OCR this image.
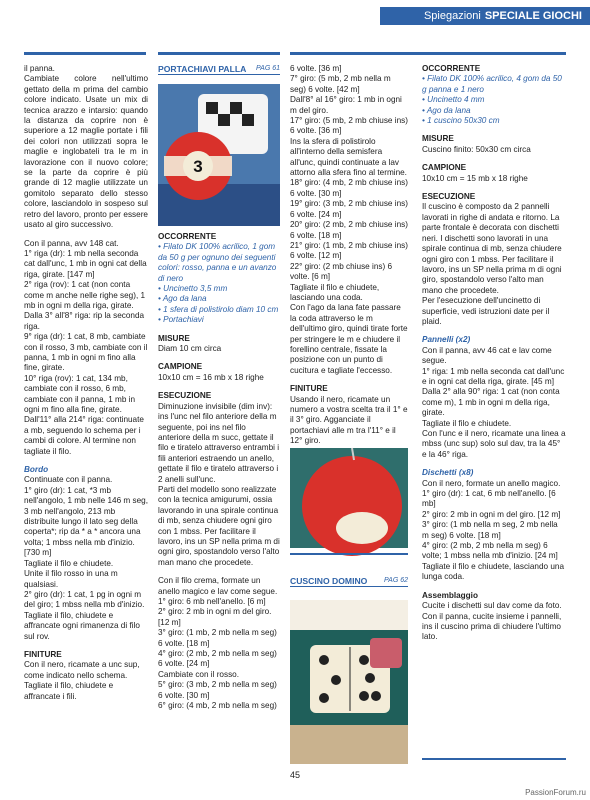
Spiegazioni SPECIALE GIOCHI

il panna.

Cambiate colore nell'ultimo gettato della m prima del cambio colore indicato. Usate un mix di tecnica arazzo e intarsio: quando la distanza da coprire non è superiore a 12 maglie portate i fili dei colori non utilizzati sopra le maglie e inglobateli tra le m in lavorazione con il nuovo colore; se la parte da coprire è più grande di 12 maglie utilizzate un gomitolo separato dello stesso colore, lasciandolo in sospeso sul retro del lavoro, pronto per essere usato al giro successivo.

Con il panna, avv 148 cat.

1° riga (dr): 1 mb nella seconda cat dall'unc, 1 mb in ogni cat della riga, girate. [147 m]

2° riga (rov): 1 cat (non conta come m anche nelle righe seg), 1 mb in ogni m della riga, girate.

Dalla 3° all'8° riga: rip la seconda riga.

9° riga (dr): 1 cat, 8 mb, cambiate con il rosso, 3 mb, cambiate con il panna, 1 mb in ogni m fino alla fine, girate.

10° riga (rov): 1 cat, 134 mb, cambiate con il rosso, 6 mb, cambiate con il panna, 1 mb in ogni m fino alla fine, girate.

Dall'11° alla 214° riga: continuate a mb, seguendo lo schema per i cambi di colore. Al termine non tagliate il filo.

Bordo

Continuate con il panna.

1° giro (dr): 1 cat, *3 mb nell'angolo, 1 mb nelle 146 m seg, 3 mb nell'angolo, 213 mb distribuite lungo il lato seg della coperta*; rip da * a * ancora una volta; 1 mbss nella mb d'inizio. [730 m]

Tagliate il filo e chiudete.

Unite il filo rosso in una m qualsiasi.

2° giro (dr): 1 cat, 1 pg in ogni m del giro; 1 mbss nella mb d'inizio. Tagliate il filo, chiudete e affrancate ogni rimanenza di filo sul rov.

FINITURE

Con il nero, ricamate a unc sup, come indicato nello schema. Tagliate il filo, chiudete e affrancate i fili.

PORTACHIAVI PALLA PAG 61
3

OCCORRENTE

• Filato DK 100% acrilico, 1 gom da 50 g per ognuno dei seguenti colori: rosso, panna e un avanzo di nero

• Uncinetto 3,5 mm

• Ago da lana

• 1 sfera di polistirolo diam 10 cm

• Portachiavi

MISURE

Diam 10 cm circa

CAMPIONE

10x10 cm = 16 mb x 18 righe

ESECUZIONE

Diminuzione invisibile (dim inv): ins l'unc nel filo anteriore della m seguente, poi ins nel filo anteriore della m succ, gettate il filo e tiratelo attraverso entrambi i fili anteriori estraendo un anello, gettate il filo e tiratelo attraverso i 2 anelli sull'unc.

Parti del modello sono realizzate con la tecnica amigurumi, ossia lavorando in una spirale continua di mb, senza chiudere ogni giro con 1 mbss. Per facilitare il lavoro, ins un SP nella prima m di ogni giro, spostandolo verso l'alto man mano che procedete.

Con il filo crema, formate un anello magico e lav come segue.

1° giro: 6 mb nell'anello. [6 m]

2° giro: 2 mb in ogni m del giro. [12 m]

3° giro: (1 mb, 2 mb nella m seg) 6 volte. [18 m]

4° giro: (2 mb, 2 mb nella m seg) 6 volte. [24 m]

Cambiate con il rosso.

5° giro: (3 mb, 2 mb nella m seg) 6 volte. [30 m]

6° giro: (4 mb, 2 mb nella m seg)

6 volte. [36 m]

7° giro: (5 mb, 2 mb nella m seg) 6 volte. [42 m]

Dall'8° al 16° giro: 1 mb in ogni m del giro.

17° giro: (5 mb, 2 mb chiuse ins) 6 volte. [36 m]

Ins la sfera di polistirolo all'interno della semisfera all'unc, quindi continuate a lav attorno alla sfera fino al termine.

18° giro: (4 mb, 2 mb chiuse ins) 6 volte. [30 m]

19° giro: (3 mb, 2 mb chiuse ins) 6 volte. [24 m]

20° giro: (2 mb, 2 mb chiuse ins) 6 volte. [18 m]

21° giro: (1 mb, 2 mb chiuse ins) 6 volte. [12 m]

22° giro: (2 mb chiuse ins) 6 volte. [6 m]

Tagliate il filo e chiudete, lasciando una coda.

Con l'ago da lana fate passare la coda attraverso le m dell'ultimo giro, quindi tirate forte per stringere le m e chiudere il forellino centrale, fissate la posizione con un punto di cucitura e tagliate l'eccesso.

FINITURE

Usando il nero, ricamate un numero a vostra scelta tra il 1° e il 3° giro. Agganciate il portachiavi alle m tra l'11° e il 12° giro.

CUSCINO DOMINO PAG 62

OCCORRENTE

• Filato DK 100% acrilico, 4 gom da 50 g panna e 1 nero

• Uncinetto 4 mm

• Ago da lana

• 1 cuscino 50x30 cm

MISURE

Cuscino finito: 50x30 cm circa

CAMPIONE

10x10 cm = 15 mb x 18 righe

ESECUZIONE

Il cuscino è composto da 2 pannelli lavorati in righe di andata e ritorno. La parte frontale è decorata con dischetti neri. I dischetti sono lavorati in una spirale continua di mb, senza chiudere ogni giro con 1 mbss. Per facilitare il lavoro, ins un SP nella prima m di ogni giro, spostandolo verso l'alto man mano che procedete.

Per l'esecuzione dell'uncinetto di superficie, vedi istruzioni date per il plaid.

Pannelli (x2)

Con il panna, avv 46 cat e lav come segue.

1° riga: 1 mb nella seconda cat dall'unc e in ogni cat della riga, girate. [45 m]

Dalla 2° alla 90° riga: 1 cat (non conta come m), 1 mb in ogni m della riga, girate.

Tagliate il filo e chiudete.

Con l'unc e il nero, ricamate una linea a mbss (unc sup) solo sul dav, tra la 45° e la 46° riga.

Dischetti (x8)

Con il nero, formate un anello magico.

1° giro (dr): 1 cat, 6 mb nell'anello. [6 mb]

2° giro: 2 mb in ogni m del giro. [12 m]

3° giro: (1 mb nella m seg, 2 mb nella m seg) 6 volte. [18 m]

4° giro: (2 mb, 2 mb nella m seg) 6 volte; 1 mbss nella mb d'inizio. [24 m]

Tagliate il filo e chiudete, lasciando una lunga coda.

Assemblaggio

Cucite i dischetti sul dav come da foto. Con il panna, cucite insieme i pannelli, ins il cuscino prima di chiudere l'ultimo lato.

45
PassionForum.ru
